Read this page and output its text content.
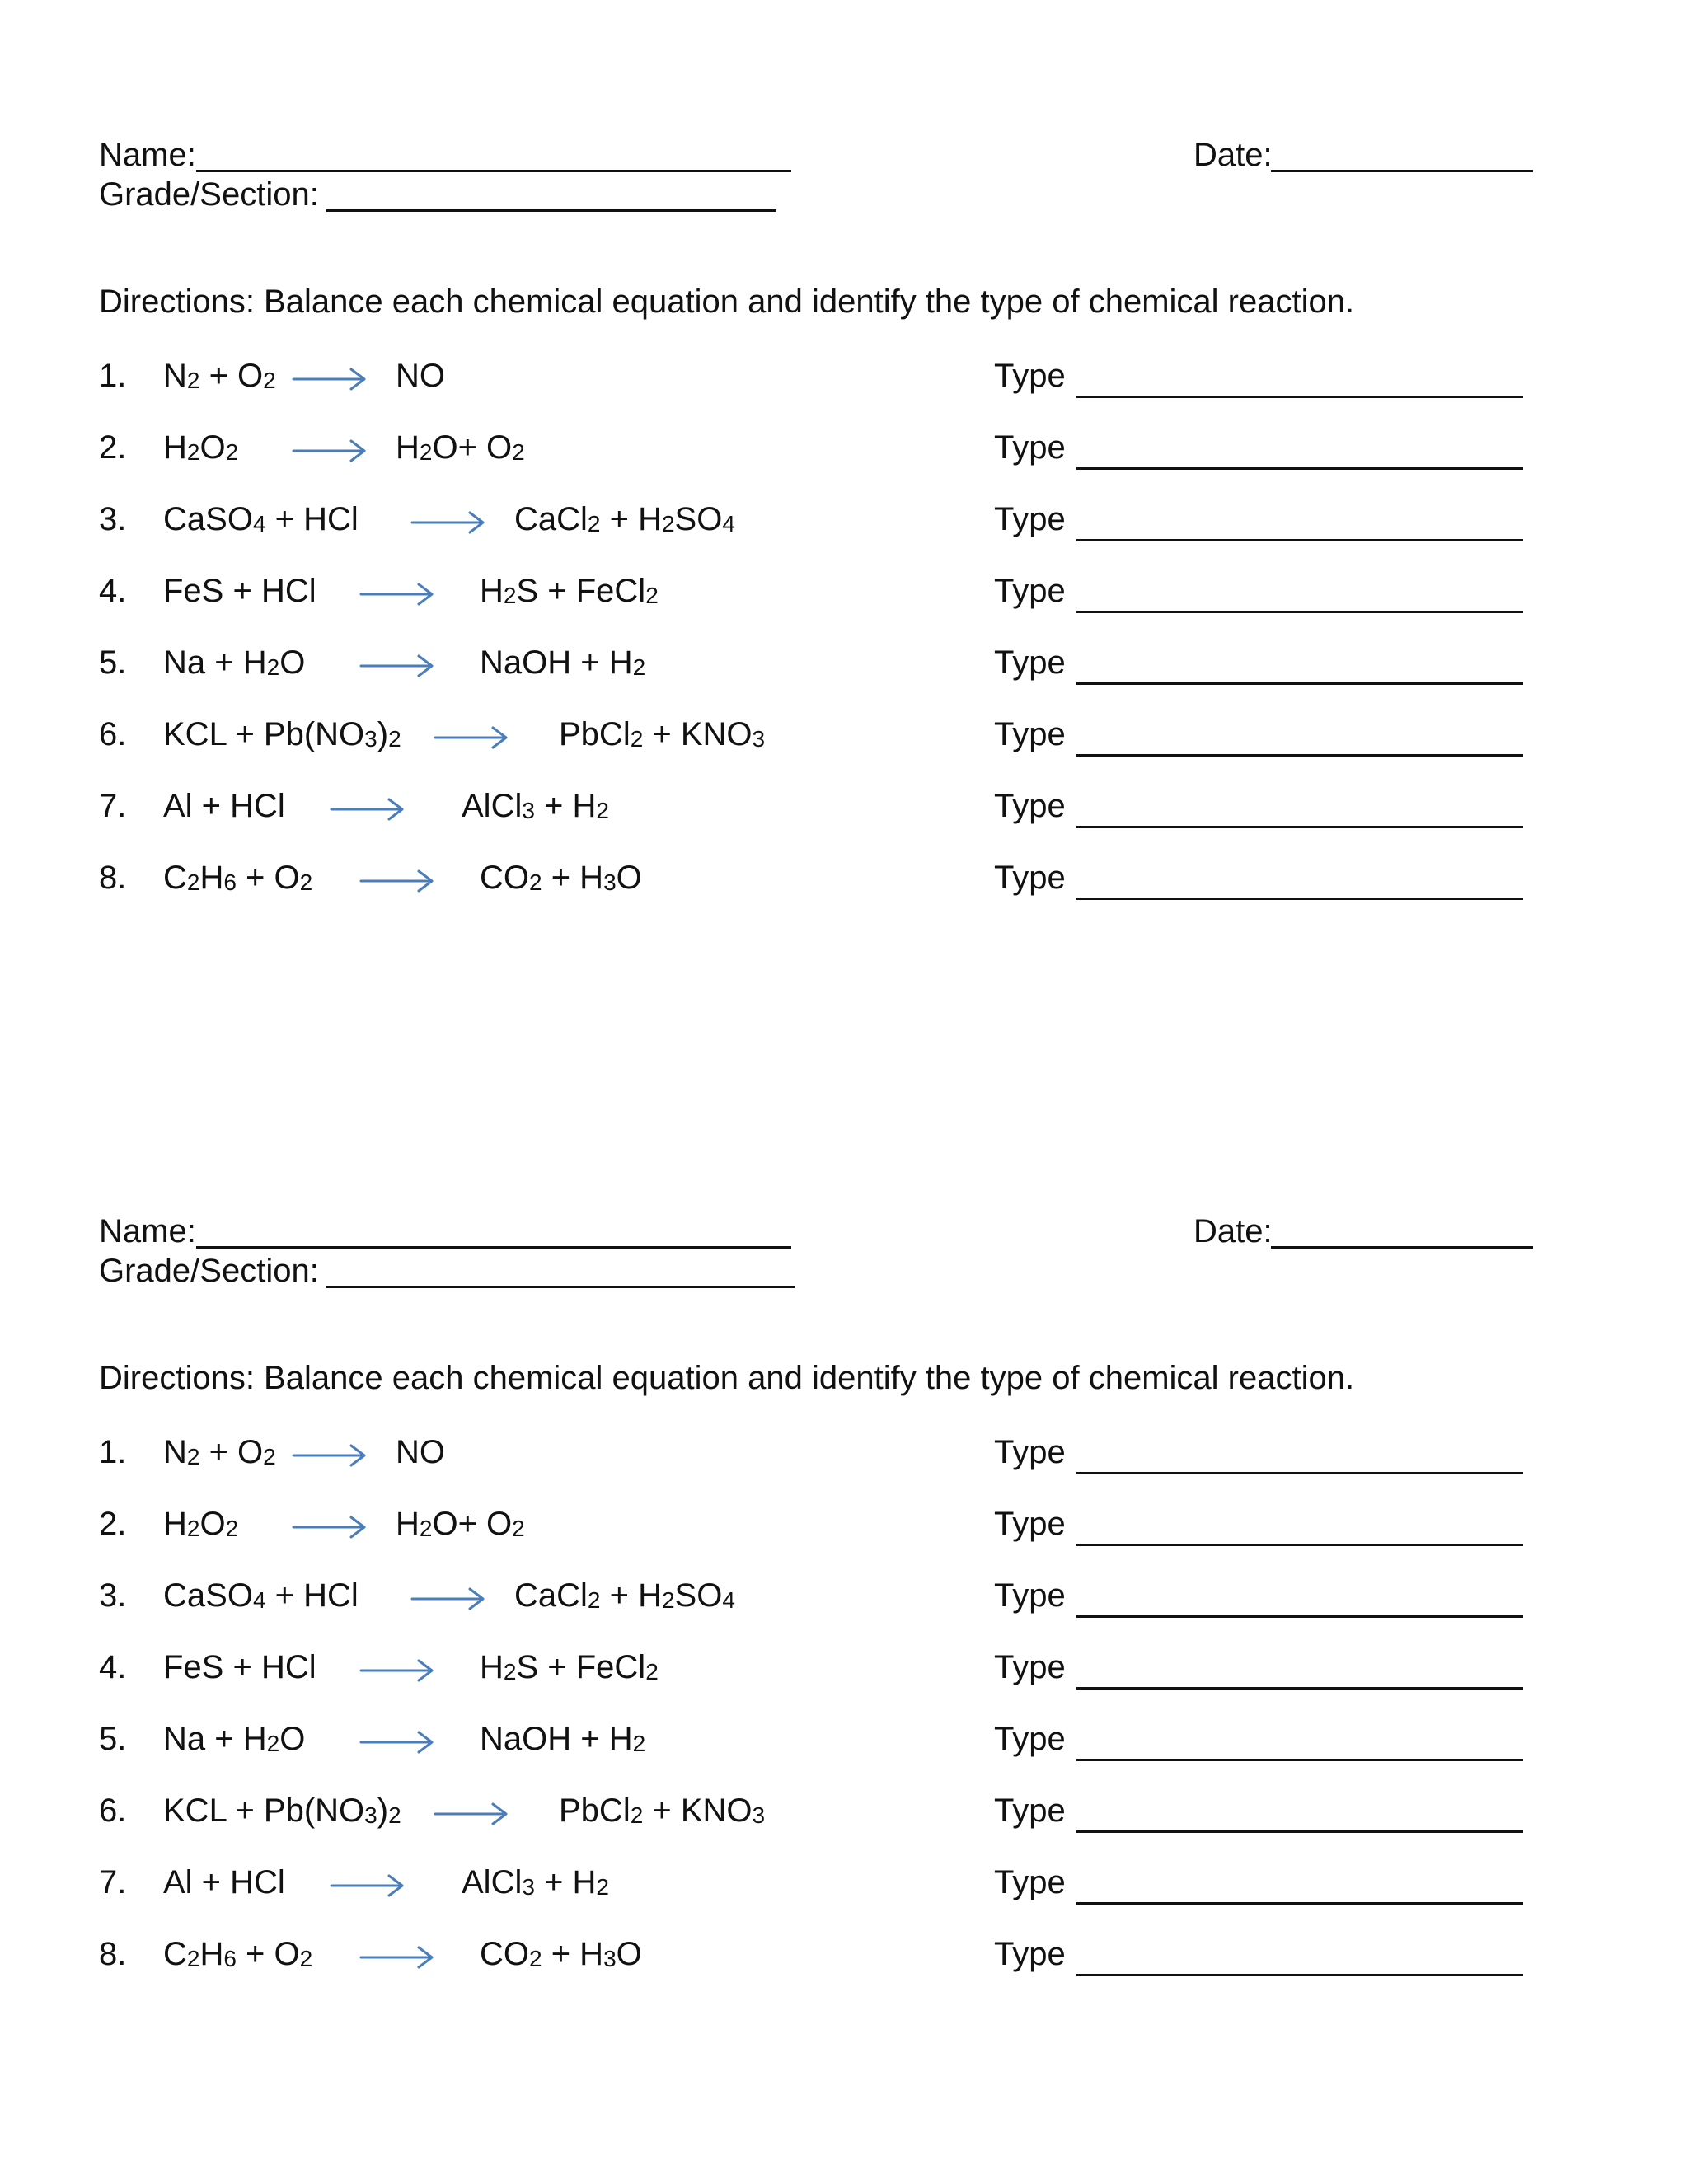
Name:	Date:
Grade/Section:
Directions: Balance each chemical equation and identify the type of chemical reaction.
1. $N_2 + O_2$ → NO	Type
2. $H_2O_2 \to H_2O+ O_2$	Type
3. CaSO$_4$ + HCl → CaCl$_2$ + $H_2SO_4$	Type
4. FeS + HCl → $H_2S$ + FeCl$_2$	Type
5. $Na + H_2O$ → NaOH + $H_2$	Type
6. KCL + $Pb(NO_3)_2$ → PbCl$_2$ + $KNO_3$	Type
7. Al + HCl → AlCl$_3$ + $H_2$	Type
8. $C_2H_6 + O_2 \to CO_2 + H_3O$	Type
Name:	Date:
Grade/Section:
Directions: Balance each chemical equation and identify the type of chemical reaction.
1. $N_2 + O_2$ → NO	Type
2. $H_2O_2 \to H_2O+ O_2$	Type
3. CaSO$_4$ + HCl → CaCl$_2$ + $H_2SO_4$	Type
4. FeS + HCl → $H_2S$ + FeCl$_2$	Type
5. $Na + H_2O$ → NaOH + $H_2$	Type
6. KCL + $Pb(NO_3)_2$ → PbCl$_2$ + $KNO_3$	Type
7. Al + HCl → AlCl$_3$ + $H_2$	Type
8. $C_2H_6 + O_2 \to CO_2 + H_3O$	Type
